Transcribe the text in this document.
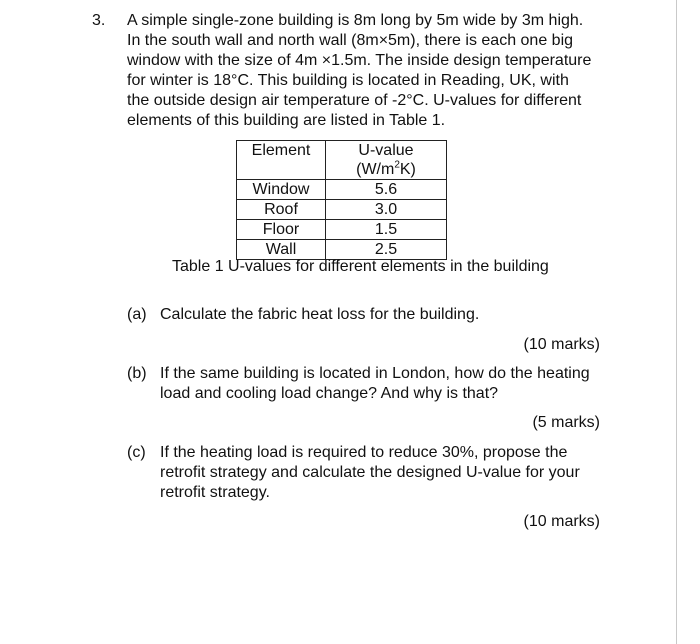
3. A simple single-zone building is 8m long by 5m wide by 3m high.
In the south wall and north wall (8m×5m), there is each one big
window with the size of 4m ×1.5m. The inside design temperature
for winter is 18°C. This building is located in Reading, UK, with
the outside design air temperature of -2°C. U-values for different
elements of this building are listed in Table 1.

Element	U-value
$(W/m^2K)$
Window	5.6
Roof	3.0
Floor	1.5
Wall	2.5
Table 1 U-values for different elements in the building
(a) Calculate the fabric heat loss for the building.

(10 marks)
(b) If the same building is located in London, how do the heating
load and cooling load change? And why is that?

(5 marks)
(c) If the heating load is required to reduce 30%, propose the
retrofit strategy and calculate the designed U-value for your
retrofit strategy.

(10 marks)
